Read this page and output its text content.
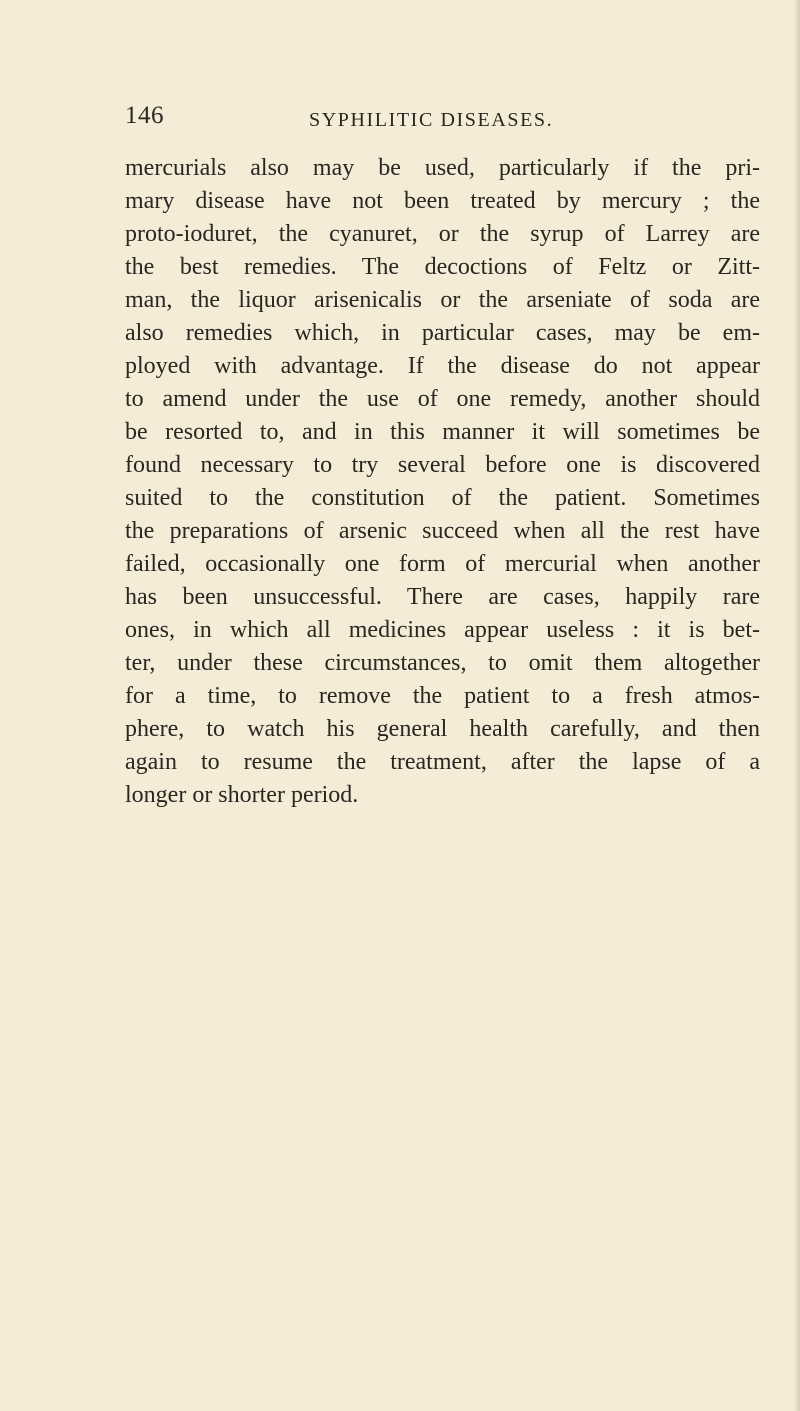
146	SYPHILITIC DISEASES.
mercurials also may be used, particularly if the pri-
mary disease have not been treated by mercury ; the
proto-ioduret, the cyanuret, or the syrup of Larrey are
the best remedies. The decoctions of Feltz or Zitt-
man, the liquor arisenicalis or the arseniate of soda are
also remedies which, in particular cases, may be em-
ployed with advantage. If the disease do not appear
to amend under the use of one remedy, another should
be resorted to, and in this manner it will sometimes be
found necessary to try several before one is discovered
suited to the constitution of the patient. Sometimes
the preparations of arsenic succeed when all the rest have
failed, occasionally one form of mercurial when another
has been unsuccessful. There are cases, happily rare
ones, in which all medicines appear useless : it is bet-
ter, under these circumstances, to omit them altogether
for a time, to remove the patient to a fresh atmos-
phere, to watch his general health carefully, and then
again to resume the treatment, after the lapse of a
longer or shorter period.
